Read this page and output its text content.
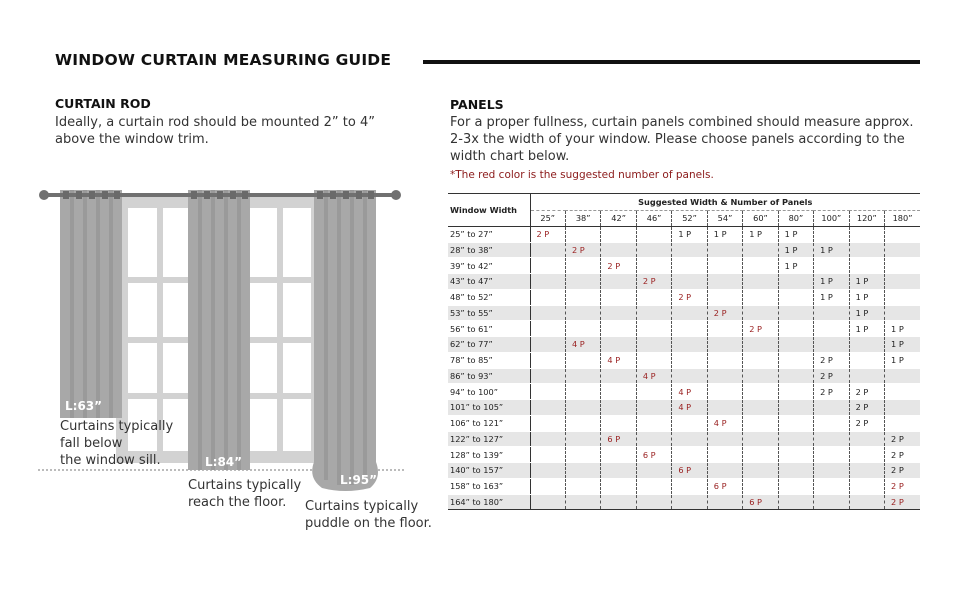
WINDOW CURTAIN MEASURING GUIDE
CURTAIN ROD
Ideally, a curtain rod should be mounted 2” to 4” above the window trim.
PANELS
For a proper fullness, curtain panels combined should measure approx. 2-3x the width of your window. Please choose panels according to the width chart below.
*The red color is the suggested number of panels.
L:63”
L:84”
L:95”
Curtains typically
fall below
the window sill.
Curtains typically
reach the floor.	Curtains typically
puddle on the floor.
Window Width	Suggested Width & Number of Panels										
	25”	38”	42”	46”	52”	54”	60”	80”	100”	120”	180”
25” to 27”	2 P				1 P	1 P	1 P	1 P			
28” to 38”		2 P						1 P	1 P		
39” to 42”			2 P					1 P			
43” to 47”				2 P					1 P	1 P	
48” to 52”					2 P				1 P	1 P	
53” to 55”						2 P				1 P	
56” to 61”							2 P			1 P	1 P
62” to 77”		4 P									1 P
78” to 85”			4 P						2 P		1 P
86” to 93”				4 P					2 P		
94” to 100”					4 P				2 P	2 P	
101” to 105”					4 P					2 P	
106” to 121”						4 P				2 P	
122” to 127”			6 P								2 P
128” to 139”				6 P							2 P
140” to 157”					6 P						2 P
158” to 163”						6 P					2 P
164” to 180”							6 P				2 P
